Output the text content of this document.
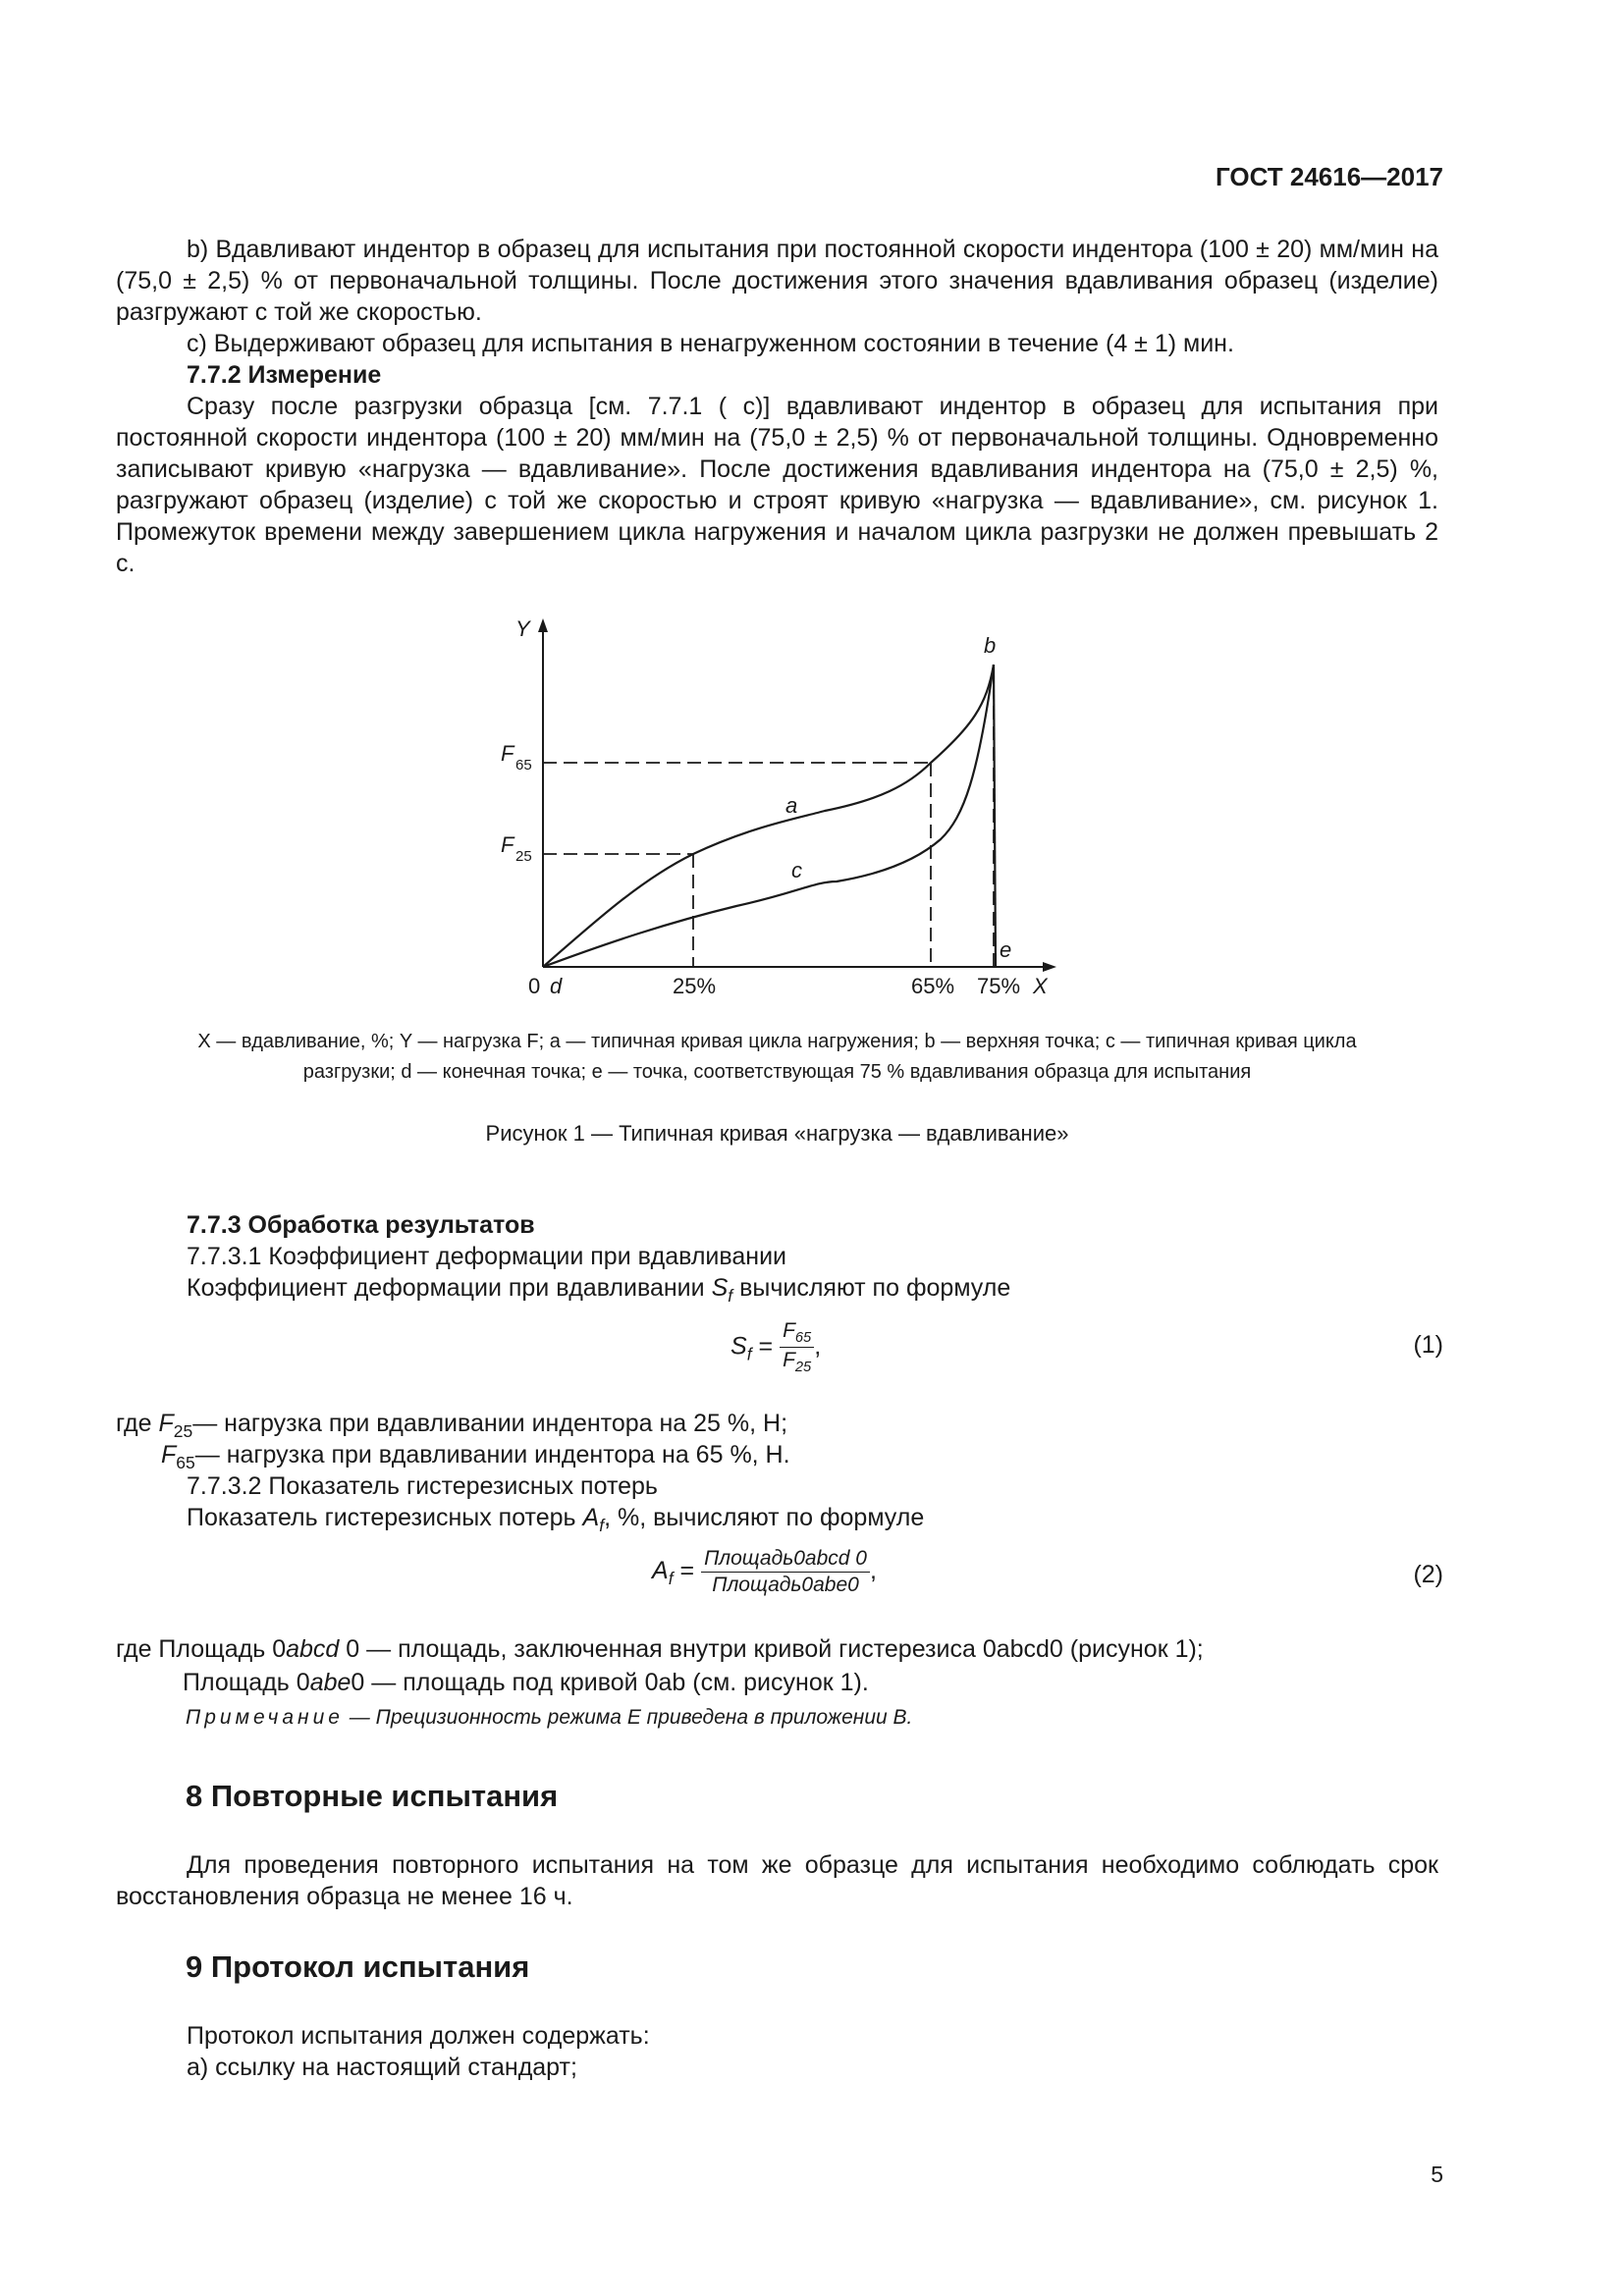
ГОСТ 24616—2017
b) Вдавливают индентор в образец для испытания при постоянной скорости индентора (100 ± 20) мм/мин на (75,0 ± 2,5) % от первоначальной толщины. После достижения этого значения вдавливания образец (изделие) разгружают с той же скоростью.
c) Выдерживают образец для испытания в ненагруженном состоянии в течение (4 ± 1) мин.
7.7.2 Измерение
Сразу после разгрузки образца [см. 7.7.1 ( c)] вдавливают индентор в образец для испытания при постоянной скорости индентора (100 ± 20) мм/мин на (75,0 ± 2,5) % от первоначальной толщины. Одновременно записывают кривую «нагрузка — вдавливание». После достижения вдавливания индентора на (75,0 ± 2,5) %, разгружают образец (изделие) с той же скоростью и строят кривую «нагрузка — вдавливание», см. рисунок 1. Промежуток времени между завершением цикла нагружения и началом цикла разгрузки не должен превышать 2 с.
Y
X
0 d	25%	65% 75%
F 65
F 25
a
b
c
e
X — вдавливание, %; Y — нагрузка F; a — типичная кривая цикла нагружения; b — верхняя точка; c — типичная кривая цикла
разгрузки; d — конечная точка; e — точка, соответствующая 75 % вдавливания образца для испытания
Рисунок 1 — Типичная кривая «нагрузка — вдавливание»
7.7.3 Обработка результатов
7.7.3.1 Коэффициент деформации при вдавливании
Коэффициент деформации при вдавливании $S_f$ вычисляют по формуле
$S_f = \frac{F_{65}}{F_{25}}$ ,	(1)
где $F_{25}—$ нагрузка при вдавливании индентора на 25 %, Н;
$F_{65}—$ нагрузка при вдавливании индентора на 65 %, Н.
7.7.3.2 Показатель гистерезисных потерь
Показатель гистерезисных потерь $A_f$, %, вычисляют по формуле
$A_f = \frac{\text{Площадь0abcd 0}}{\text{Площадь0abe0}}$ ,	(2)
где Площадь 0abcd 0 — площадь, заключенная внутри кривой гистерезиса 0abcd0 (рисунок 1);
Площадь 0abe0 — площадь под кривой 0ab (см. рисунок 1).
Примечание — Прецизионность режима Е приведена в приложении В.
8 Повторные испытания
Для проведения повторного испытания на том же образце для испытания необходимо соблюдать срок восстановления образца не менее 16 ч.
9 Протокол испытания
Протокол испытания должен содержать:
a) ссылку на настоящий стандарт;
5
